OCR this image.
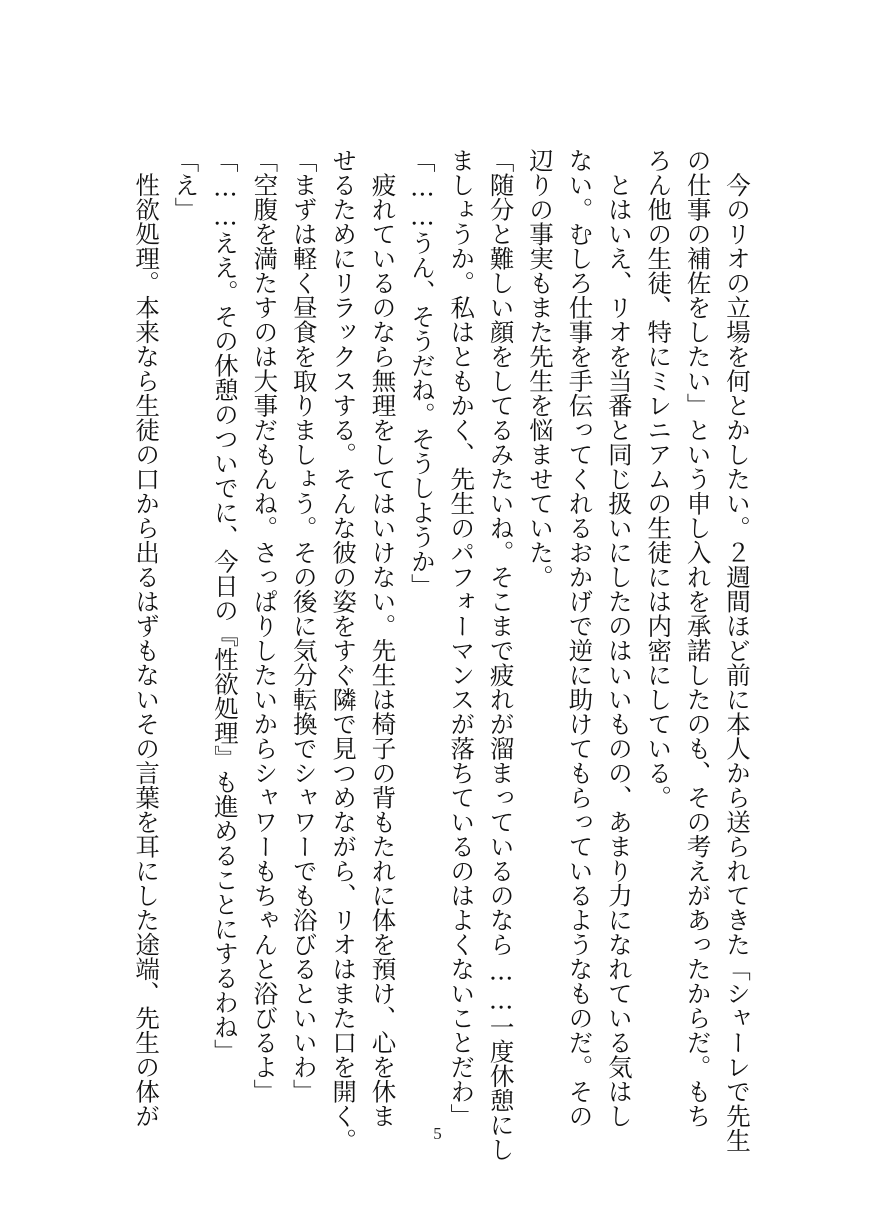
　今のリオの立場を何とかしたい。２週間ほど前に本人から送られてきた「シャーレで先生
の仕事の補佐をしたい」という申し入れを承諾したのも、その考えがあったからだ。もち
ろん他の生徒、特にミレニアムの生徒には内密にしている。
　とはいえ、リオを当番と同じ扱いにしたのはいいものの、あまり力になれている気はし
ない。むしろ仕事を手伝ってくれるおかげで逆に助けてもらっているようなものだ。その
辺りの事実もまた先生を悩ませていた。
「随分と難しい顔をしてるみたいね。そこまで疲れが溜まっているのなら……一度休憩にし
ましょうか。私はともかく、先生のパフォーマンスが落ちているのはよくないことだわ」
「……うん、そうだね。そうしようか」
　疲れているのなら無理をしてはいけない。先生は椅子の背もたれに体を預け、心を休ま
せるためにリラックスする。そんな彼の姿をすぐ隣で見つめながら、リオはまた口を開く。
「まずは軽く昼食を取りましょう。その後に気分転換でシャワーでも浴びるといいわ」
「空腹を満たすのは大事だもんね。さっぱりしたいからシャワーもちゃんと浴びるよ」
「……ええ。その休憩のついでに、今日の『性欲処理』も進めることにするわね」
「え」
　性欲処理。本来なら生徒の口から出るはずもないその言葉を耳にした途端、先生の体が
5
